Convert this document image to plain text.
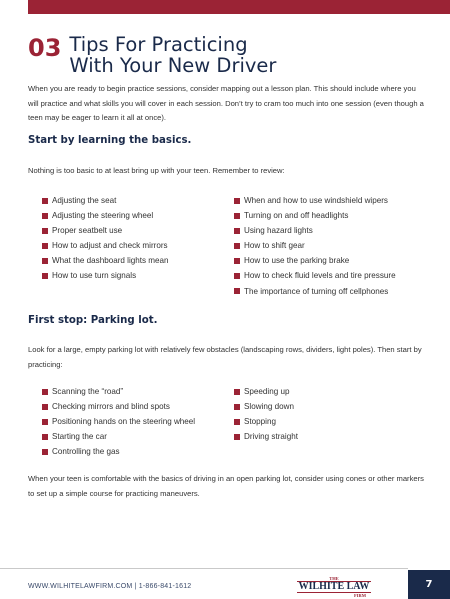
03 Tips For Practicing
With Your New Driver
When you are ready to begin practice sessions, consider mapping out a lesson plan. This should include where you will practice and what skills you will cover in each session. Don’t try to cram too much into one session (even though a teen may be eager to learn it all at once).
Start by learning the basics.
Nothing is too basic to at least bring up with your teen. Remember to review:
Adjusting the seat
Adjusting the steering wheel
Proper seatbelt use
How to adjust and check mirrors
What the dashboard lights mean
How to use turn signals
When and how to use windshield wipers
Turning on and off headlights
Using hazard lights
How to shift gear
How to use the parking brake
How to check fluid levels and tire pressure
The importance of turning off cellphones
First stop: Parking lot.
Look for a large, empty parking lot with relatively few obstacles (landscaping rows, dividers, light poles). Then start by practicing:
Scanning the “road”
Checking mirrors and blind spots
Positioning hands on the steering wheel
Starting the car
Controlling the gas
Speeding up
Slowing down
Stopping
Driving straight
When your teen is comfortable with the basics of driving in an open parking lot, consider using cones or other markers to set up a simple course for practicing maneuvers.
WWW.WILHITELAWFIRM.COM | 1-866-841-1612
THE
WILHITE LAW
FIRM
7
